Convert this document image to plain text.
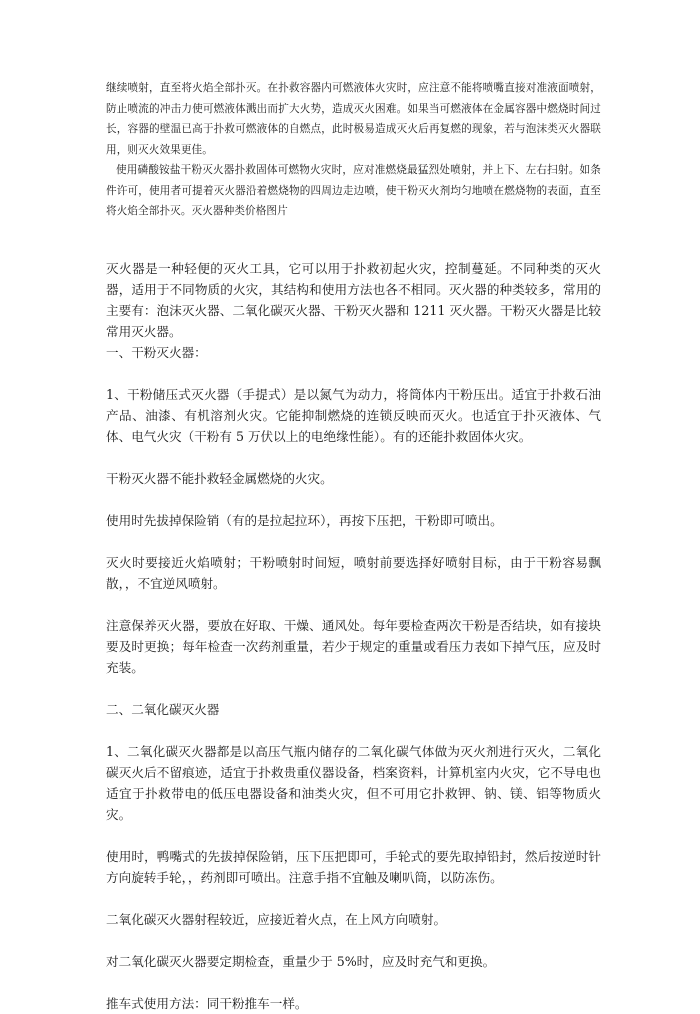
继续喷射，直至将火焰全部扑灭。在扑救容器内可燃液体火灾时，应注意不能将喷嘴直接对准液面喷射，防止喷流的冲击力使可燃液体溅出而扩大火势，造成灭火困难。如果当可燃液体在金属容器中燃烧时间过长，容器的壁温已高于扑救可燃液体的自燃点，此时极易造成灭火后再复燃的现象，若与泡沫类灭火器联用，则灭火效果更佳。

使用磷酸铵盐干粉灭火器扑救固体可燃物火灾时，应对准燃烧最猛烈处喷射，并上下、左右扫射。如条件许可，使用者可提着灭火器沿着燃烧物的四周边走边喷，使干粉灭火剂均匀地喷在燃烧物的表面，直至将火焰全部扑灭。灭火器种类价格图片

灭火器是一种轻便的灭火工具，它可以用于扑救初起火灾，控制蔓延。不同种类的灭火器，适用于不同物质的火灾，其结构和使用方法也各不相同。灭火器的种类较多，常用的主要有：泡沫灭火器、二氧化碳灭火器、干粉灭火器和 1211 灭火器。干粉灭火器是比较常用灭火器。

一、干粉灭火器：

1、干粉储压式灭火器（手提式）是以氮气为动力，将筒体内干粉压出。适宜于扑救石油产品、油漆、有机溶剂火灾。它能抑制燃烧的连锁反映而灭火。也适宜于扑灭液体、气体、电气火灾（干粉有 5 万伏以上的电绝缘性能）。有的还能扑救固体火灾。

干粉灭火器不能扑救轻金属燃烧的火灾。

使用时先拔掉保险销（有的是拉起拉环），再按下压把，干粉即可喷出。

灭火时要接近火焰喷射；干粉喷射时间短，喷射前要选择好喷射目标，由于干粉容易飘散，，不宜逆风喷射。

注意保养灭火器，要放在好取、干燥、通风处。每年要检查两次干粉是否结块，如有接块要及时更换；每年检查一次药剂重量，若少于规定的重量或看压力表如下掉气压，应及时充装。

二、二氧化碳灭火器

1、二氧化碳灭火器都是以高压气瓶内储存的二氧化碳气体做为灭火剂进行灭火，二氧化碳灭火后不留痕迹，适宜于扑救贵重仪器设备，档案资料，计算机室内火灾，它不导电也适宜于扑救带电的低压电器设备和油类火灾，但不可用它扑救钾、钠、镁、铝等物质火灾。

使用时，鸭嘴式的先拔掉保险销，压下压把即可，手轮式的要先取掉铅封，然后按逆时针方向旋转手轮，，药剂即可喷出。注意手指不宜触及喇叭筒，以防冻伤。

二氧化碳灭火器射程较近，应接近着火点，在上风方向喷射。

对二氧化碳灭火器要定期检查，重量少于 5%时，应及时充气和更换。

推车式使用方法：同干粉推车一样。
